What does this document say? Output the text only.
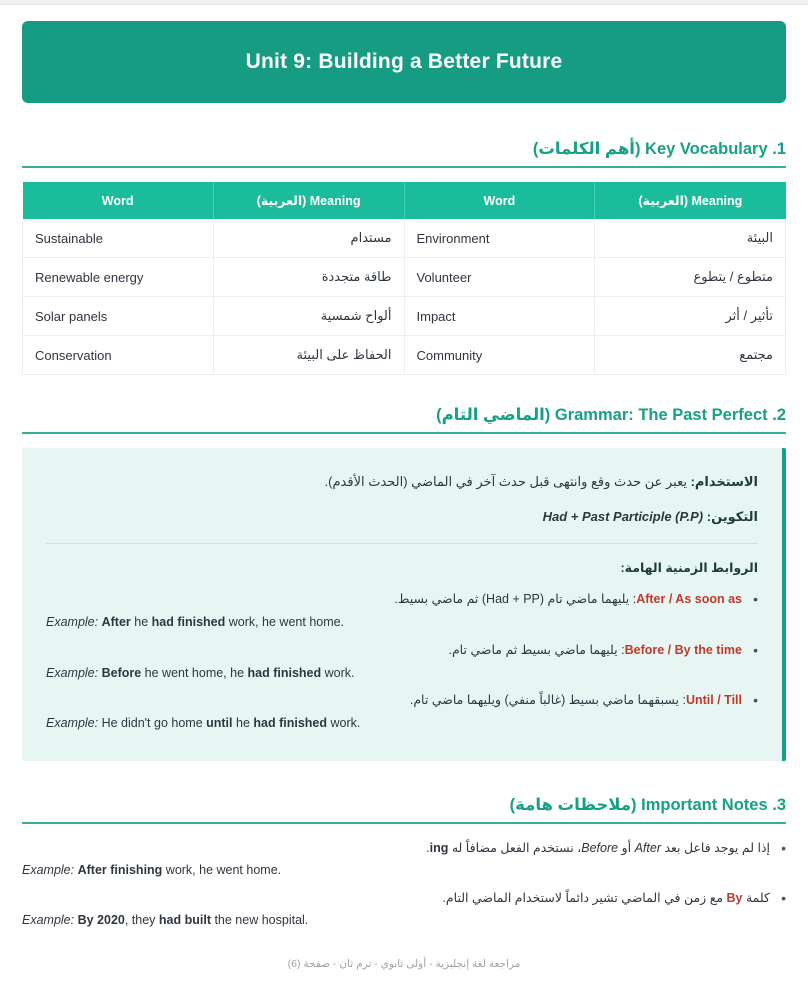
Unit 9: Building a Better Future
1. Key Vocabulary (أهم الكلمات)
Meaning (العربية)	Word	Meaning (العربية)	Word
البيئة	Environment	مستدام	Sustainable
متطوع / يتطوع	Volunteer	طاقة متجددة	Renewable energy
تأثير / أثر	Impact	ألواح شمسية	Solar panels
مجتمع	Community	الحفاظ على البيئة	Conservation
2. Grammar: The Past Perfect (الماضي التام)
الاستخدام: يعبر عن حدث وقع وانتهى قبل حدث آخر في الماضي (الحدث الأقدم).
التكوين: Had + Past Participle (P.P)
الروابط الزمنية الهامة:
• After / As soon as: يليهما ماضي تام (Had + PP) ثم ماضي بسيط.
Example: After he had finished work, he went home.
• Before / By the time: يليهما ماضي بسيط ثم ماضي تام.
Example: Before he went home, he had finished work.
• Until / Till: يسبقهما ماضي بسيط (غالباً منفي) ويليهما ماضي تام.
Example: He didn't go home until he had finished work.
3. Important Notes (ملاحظات هامة)
• إذا لم يوجد فاعل بعد After أو Before، نستخدم الفعل مضافاً له ing.
Example: After finishing work, he went home.
• كلمة By مع زمن في الماضي تشير دائماً لاستخدام الماضي التام.
Example: By 2020, they had built the new hospital.
مراجعة لغة إنجليزية - أولى ثانوي - ترم ثان - صفحة (6)
